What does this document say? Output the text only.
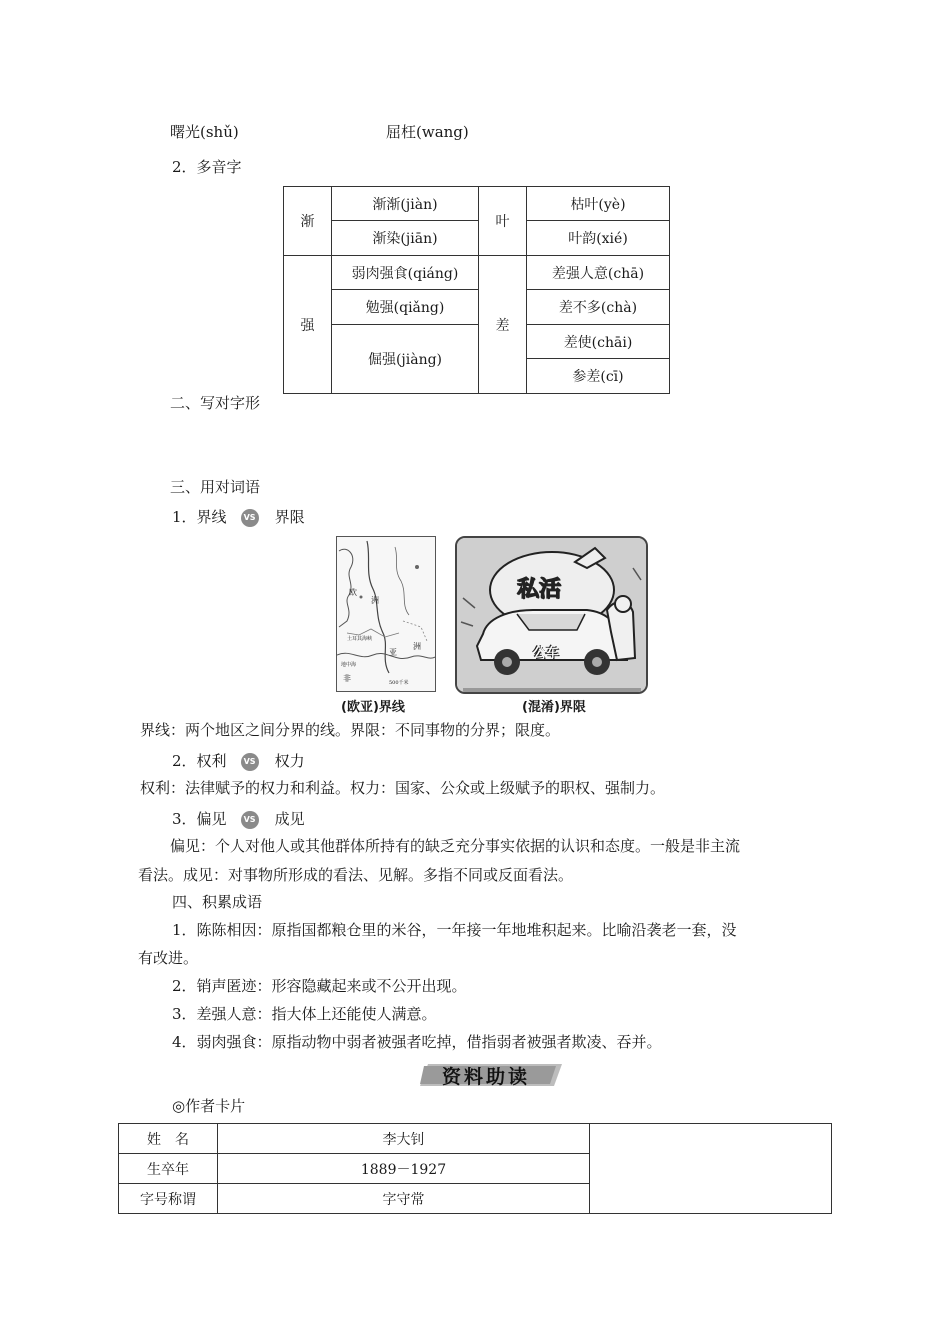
曙光(shǔ)	屈枉(wang)
2．多音字
渐	渐渐(jiàn)	叶	枯叶(yè)
	渐染(jiān)		叶韵(xié)
强	弱肉强食(qiáng)	差	差强人意(chā)
	勉强(qiǎng)		差不多(chà)
	倔强(jiàng)		差使(chāi)
			参差(cī)
二、写对字形
三、用对词语
1．界线 VS 界限
欧
洲
亚
洲
土耳其海峡
地中海
非	500千米
私活
公车
(欧亚)界线	(混淆)界限
界线：两个地区之间分界的线。界限：不同事物的分界；限度。
2．权利 VS 权力
权利：法律赋予的权力和利益。权力：国家、公众或上级赋予的职权、强制力。
3．偏见 VS 成见
偏见：个人对他人或其他群体所持有的缺乏充分事实依据的认识和态度。一般是非主流
看法。成见：对事物所形成的看法、见解。多指不同或反面看法。
四、积累成语
1．陈陈相因：原指国都粮仓里的米谷，一年接一年地堆积起来。比喻沿袭老一套，没
有改进。
2．销声匿迹：形容隐藏起来或不公开出现。
3．差强人意：指大体上还能使人满意。
4．弱肉强食：原指动物中弱者被强者吃掉，借指弱者被强者欺凌、吞并。
资料助读
◎作者卡片
姓　名	李大钊	
生卒年	1889－1927	
字号称谓	字守常	
